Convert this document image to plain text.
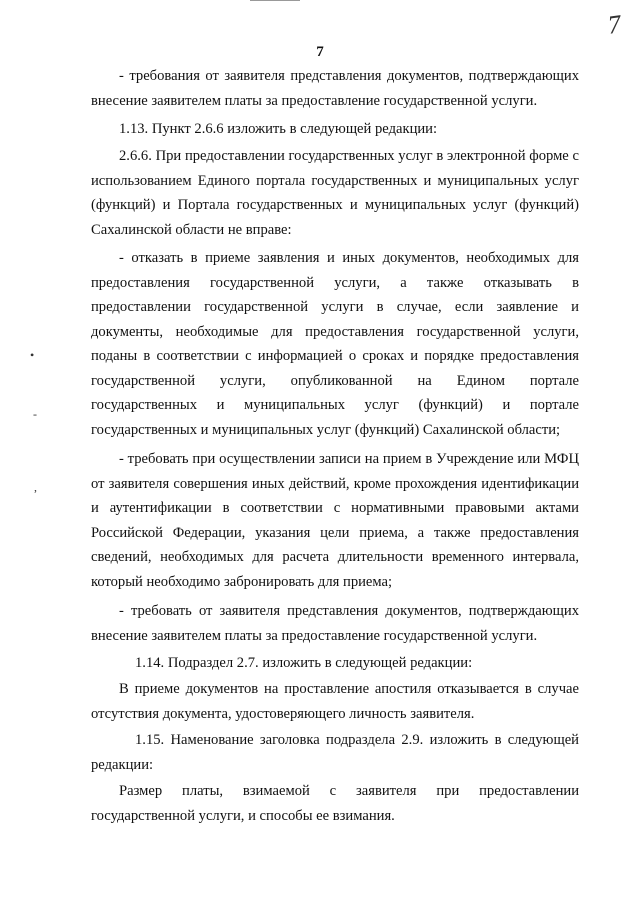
7
7

- требования от заявителя представления документов, подтверждающих внесение заявителем платы за предоставление государственной услуги.

1.13. Пункт 2.6.6 изложить в следующей редакции:

2.6.6. При предоставлении государственных услуг в электронной форме с использованием Единого портала государственных и муниципальных услуг (функций) и Портала государственных и муниципальных услуг (функций) Сахалинской области не вправе:

- отказать в приеме заявления и иных документов, необходимых для предоставления государственной услуги, а также отказывать в предоставлении государственной услуги в случае, если заявление и документы, необходимые для предоставления государственной услуги, поданы в соответствии с информацией о сроках и порядке предоставления государственной услуги, опубликованной на Едином портале государственных и муниципальных услуг (функций) и портале государственных и муниципальных услуг (функций) Сахалинской области;

- требовать при осуществлении записи на прием в Учреждение или МФЦ от заявителя совершения иных действий, кроме прохождения идентификации и аутентификации в соответствии с нормативными правовыми актами Российской Федерации, указания цели приема, а также предоставления сведений, необходимых для расчета длительности временного интервала, который необходимо забронировать для приема;

- требовать от заявителя представления документов, подтверждающих внесение заявителем платы за предоставление государственной услуги.

1.14. Подраздел 2.7. изложить в следующей редакции:

В приеме документов на проставление апостиля отказывается в случае отсутствия документа, удостоверяющего личность заявителя.

1.15. Наменование заголовка подраздела 2.9. изложить в следующей редакции:

Размер платы, взимаемой с заявителя при предоставлении государственной услуги, и способы ее взимания.

•
-
,
